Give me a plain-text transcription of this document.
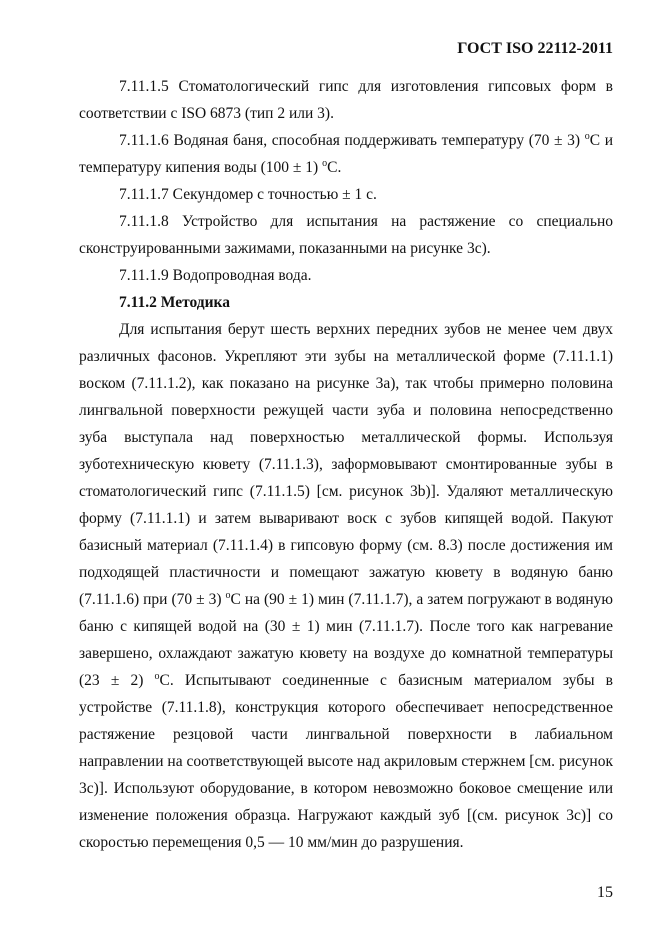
ГОСТ ISO 22112-2011

7.11.1.5 Стоматологический гипс для изготовления гипсовых форм в соответствии с ISO 6873 (тип 2 или 3).

7.11.1.6 Водяная баня, способная поддерживать температуру (70 ± 3) $^о$С и температуру кипения воды (100 ± 1) $^о$С.

7.11.1.7 Секундомер с точностью ± 1 с.

7.11.1.8 Устройство для испытания на растяжение со специально сконструированными зажимами, показанными на рисунке 3с).

7.11.1.9 Водопроводная вода.

7.11.2 Методика

Для испытания берут шесть верхних передних зубов не менее чем двух различных фасонов. Укрепляют эти зубы на металлической форме (7.11.1.1) воском (7.11.1.2), как показано на рисунке 3а), так чтобы примерно половина лингвальной поверхности режущей части зуба и половина непосредственно зуба выступала над поверхностью металлической формы. Используя зуботехническую кювету (7.11.1.3), заформовывают смонтированные зубы в стоматологический гипс (7.11.1.5) [см. рисунок 3b)]. Удаляют металлическую форму (7.11.1.1) и затем вываривают воск с зубов кипящей водой. Пакуют базисный материал (7.11.1.4) в гипсовую форму (см. 8.3) после достижения им подходящей пластичности и помещают зажатую кювету в водяную баню (7.11.1.6) при (70 ± 3) $^о$С на (90 ± 1) мин (7.11.1.7), а затем погружают в водяную баню с кипящей водой на (30 ± 1) мин (7.11.1.7). После того как нагревание завершено, охлаждают зажатую кювету на воздухе до комнатной температуры (23 ± 2) $^о$С. Испытывают соединенные с базисным материалом зубы в устройстве (7.11.1.8), конструкция которого обеспечивает непосредственное растяжение резцовой части лингвальной поверхности в лабиальном направлении на соответствующей высоте над акриловым стержнем [см. рисунок 3с)]. Используют оборудование, в котором невозможно боковое смещение или изменение положения образца. Нагружают каждый зуб [(см. рисунок 3с)] со скоростью перемещения 0,5 — 10 мм/мин до разрушения.

15
